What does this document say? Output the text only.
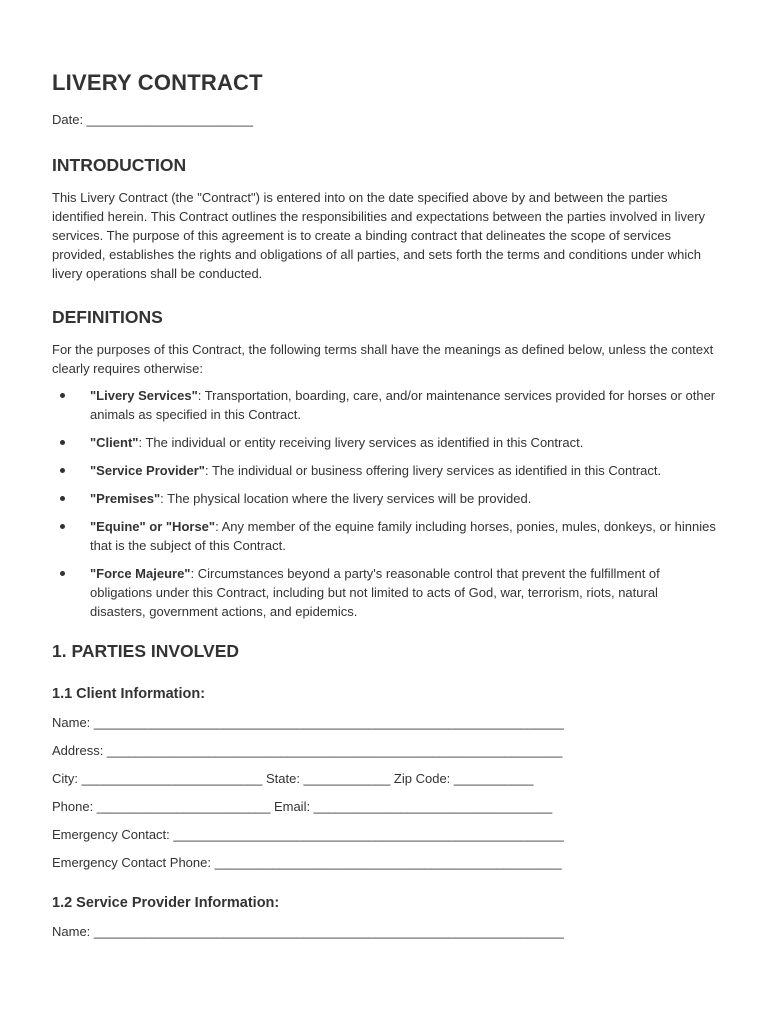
LIVERY CONTRACT
Date: _______________________
INTRODUCTION

This Livery Contract (the "Contract") is entered into on the date specified above by and between the parties identified herein. This Contract outlines the responsibilities and expectations between the parties involved in livery services. The purpose of this agreement is to create a binding contract that delineates the scope of services provided, establishes the rights and obligations of all parties, and sets forth the terms and conditions under which livery operations shall be conducted.

DEFINITIONS

For the purposes of this Contract, the following terms shall have the meanings as defined below, unless the context clearly requires otherwise:

"Livery Services": Transportation, boarding, care, and/or maintenance services provided for horses or other animals as specified in this Contract.
"Client": The individual or entity receiving livery services as identified in this Contract.
"Service Provider": The individual or business offering livery services as identified in this Contract.
"Premises": The physical location where the livery services will be provided.
"Equine" or "Horse": Any member of the equine family including horses, ponies, mules, donkeys, or hinnies that is the subject of this Contract.
"Force Majeure": Circumstances beyond a party's reasonable control that prevent the fulfillment of obligations under this Contract, including but not limited to acts of God, war, terrorism, riots, natural disasters, government actions, and epidemics.
1. PARTIES INVOLVED
1.1 Client Information:
Name: _________________________________________________________________
Address: _______________________________________________________________
City: _________________________ State: ____________ Zip Code: ___________
Phone: ________________________ Email: _________________________________
Emergency Contact: ______________________________________________________
Emergency Contact Phone: ________________________________________________
1.2 Service Provider Information:
Name: _________________________________________________________________
